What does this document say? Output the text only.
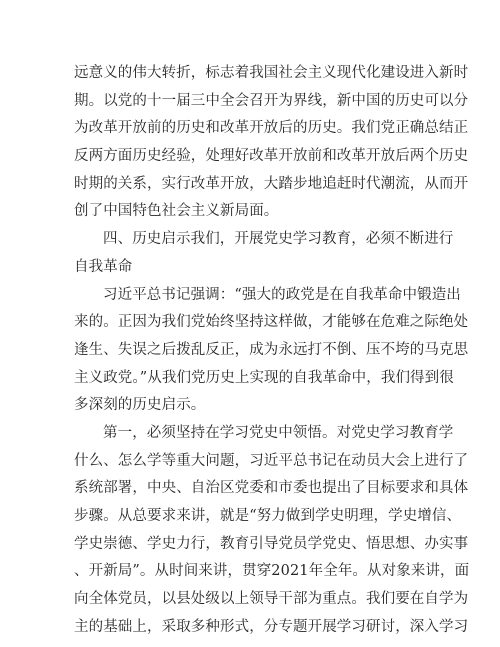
远意义的伟大转折，标志着我国社会主义现代化建设进入新时
期。以党的十一届三中全会召开为界线，新中国的历史可以分
为改革开放前的历史和改革开放后的历史。我们党正确总结正
反两方面历史经验，处理好改革开放前和改革开放后两个历史
时期的关系，实行改革开放，大踏步地追赶时代潮流，从而开
创了中国特色社会主义新局面。
四、历史启示我们，开展党史学习教育，必须不断进行
自我革命
习近平总书记强调：“强大的政党是在自我革命中锻造出
来的。正因为我们党始终坚持这样做，才能够在危难之际绝处
逢生、失误之后拨乱反正，成为永远打不倒、压不垮的马克思
主义政党。”从我们党历史上实现的自我革命中，我们得到很
多深刻的历史启示。
第一，必须坚持在学习党史中领悟。对党史学习教育学
什么、怎么学等重大问题，习近平总书记在动员大会上进行了
系统部署，中央、自治区党委和市委也提出了目标要求和具体
步骤。从总要求来讲，就是“努力做到学史明理，学史增信、
学史崇德、学史力行，教育引导党员学党史、悟思想、办实事
、开新局”。从时间来讲，贯穿2021年全年。从对象来讲，面
向全体党员，以县处级以上领导干部为重点。我们要在自学为
主的基础上，采取多种形式，分专题开展学习研讨，深入学习
